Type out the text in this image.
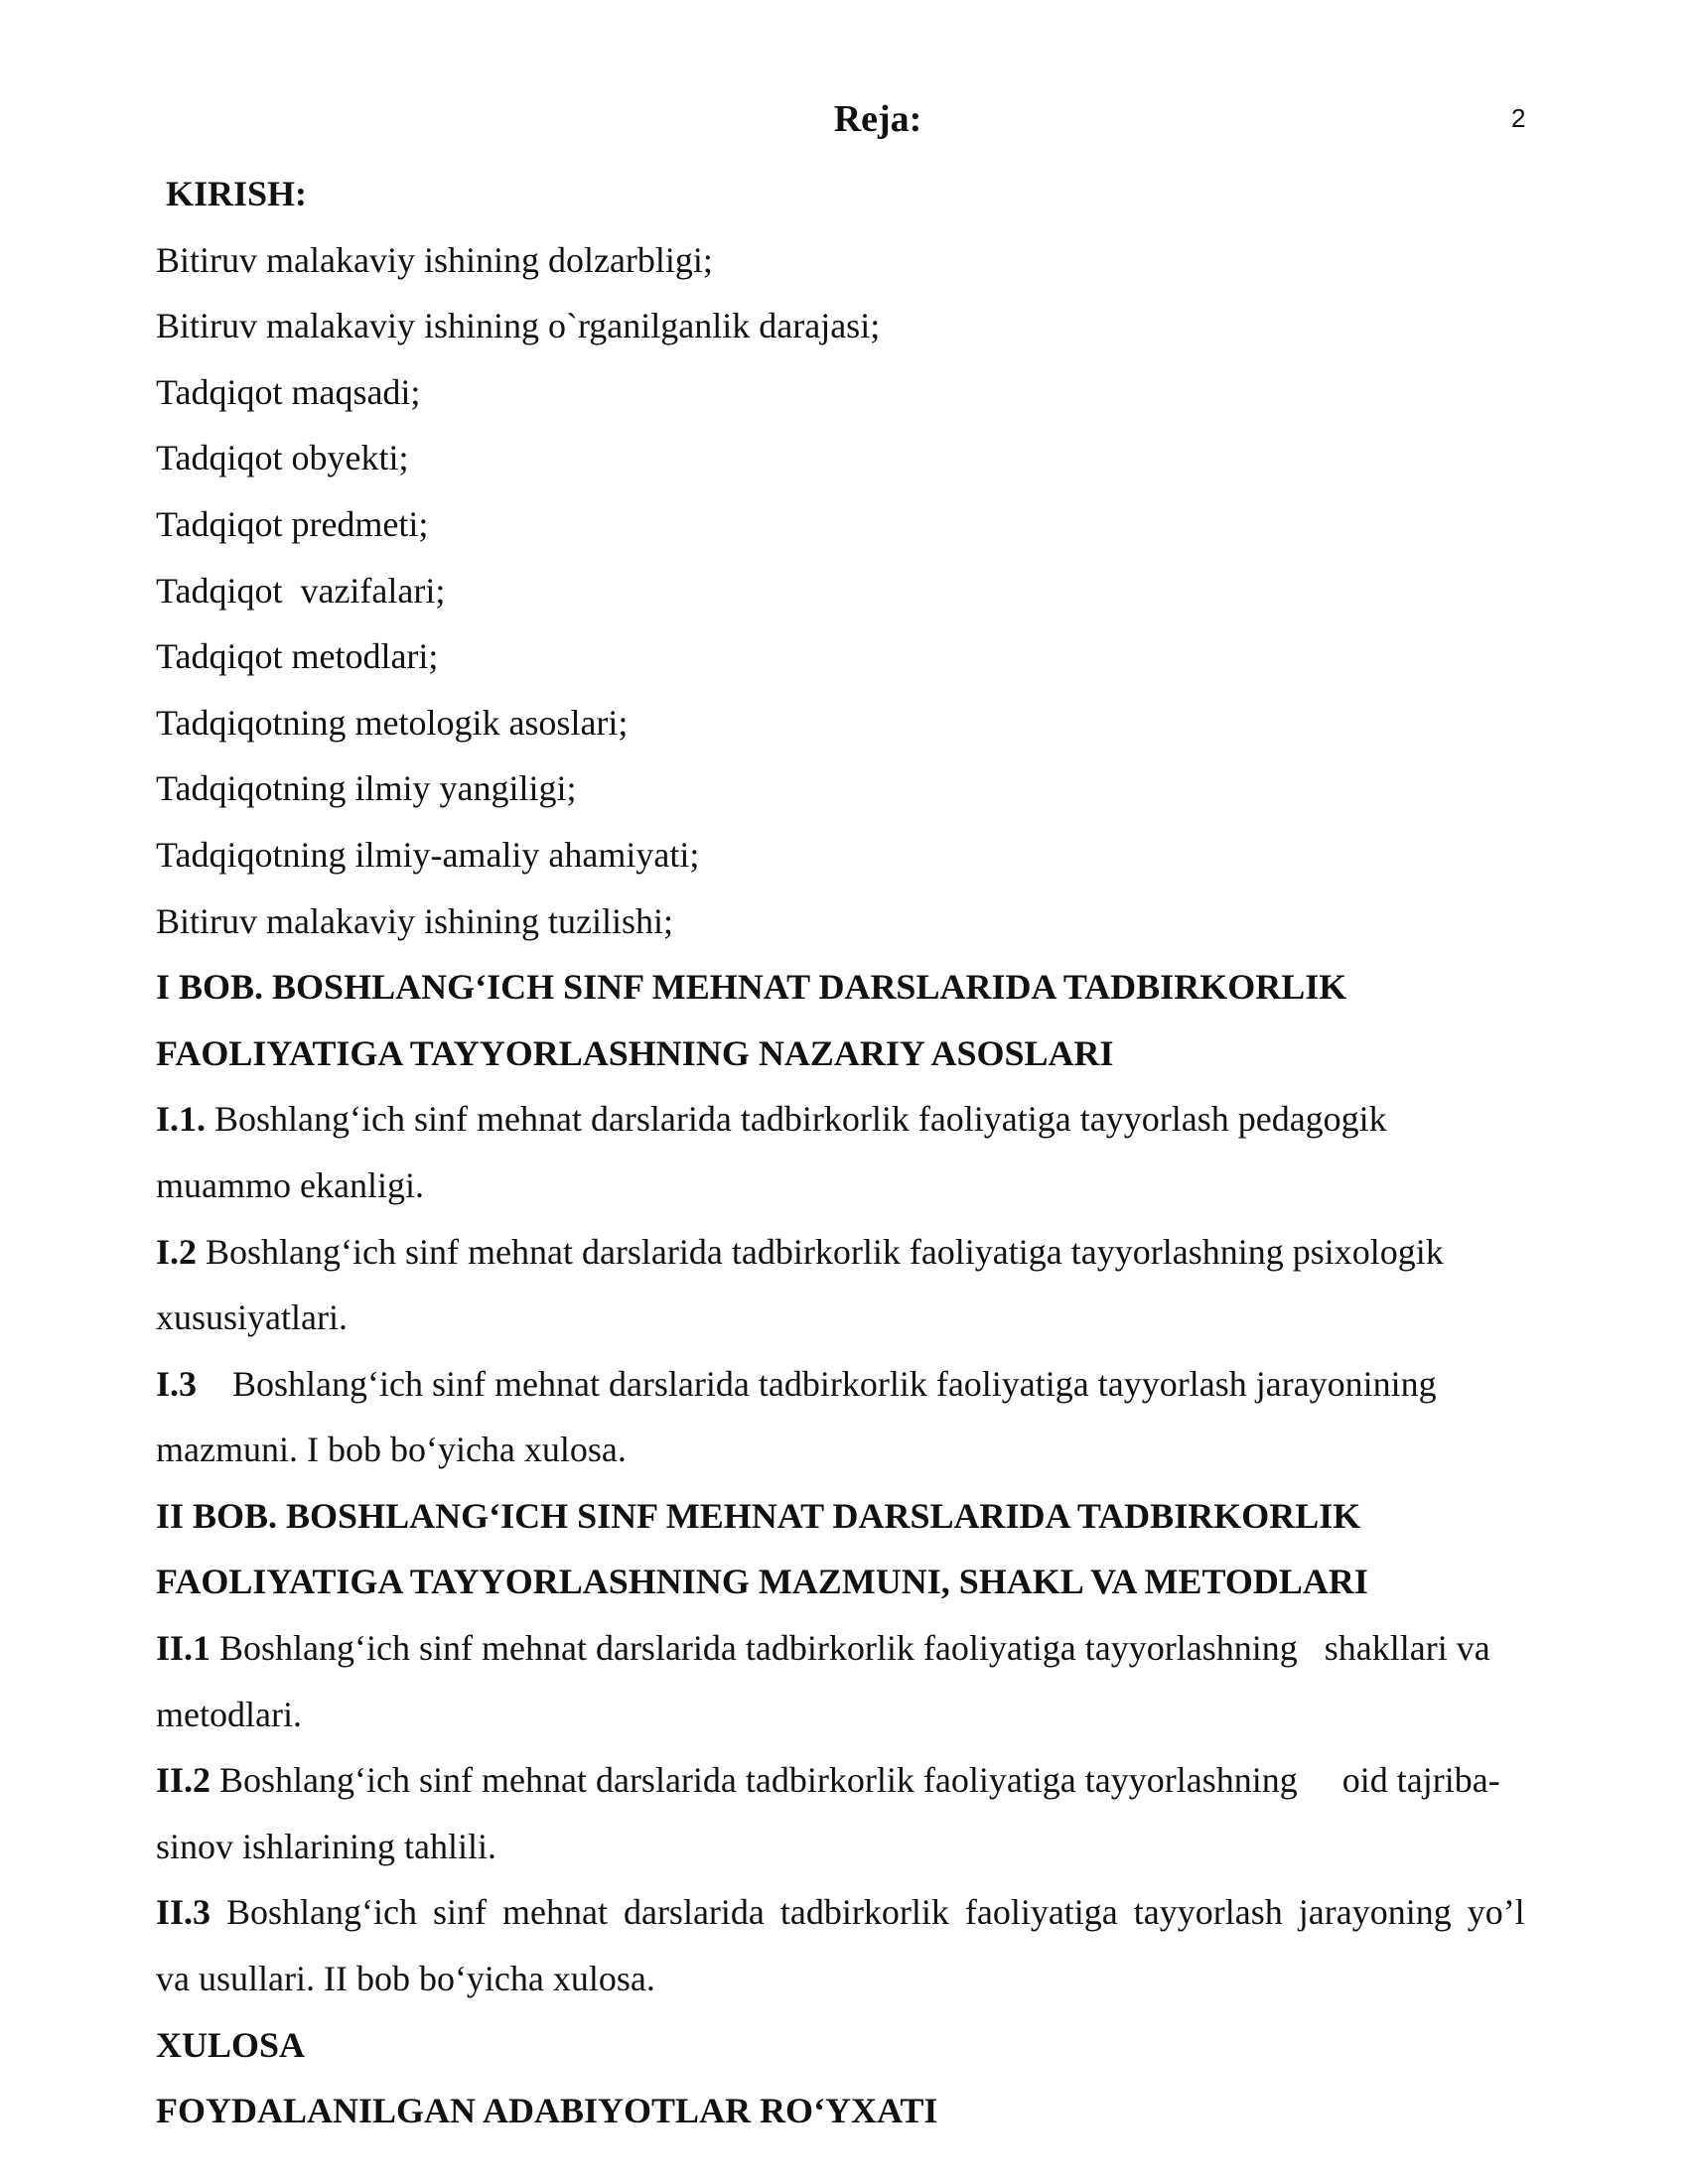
2
Reja:

KIRISH:

Bitiruv malakaviy ishining dolzarbligi;

Bitiruv malakaviy ishining o`rganilganlik darajasi;

Tadqiqot maqsadi;

Tadqiqot obyekti;

Tadqiqot predmeti;

Tadqiqot  vazifalari;

Tadqiqot metodlari;

Tadqiqotning metologik asoslari;

Tadqiqotning ilmiy yangiligi;

Tadqiqotning ilmiy-amaliy ahamiyati;

Bitiruv malakaviy ishining tuzilishi;

I BOB. BOSHLANG‘ICH SINF MEHNAT DARSLARIDA TADBIRKORLIK

FAOLIYATIGA TAYYORLASHNING NAZARIY ASOSLARI

I.1. Boshlang‘ich sinf mehnat darslarida tadbirkorlik faoliyatiga tayyorlash pedagogik
muammo ekanligi.
I.2 Boshlang‘ich sinf mehnat darslarida tadbirkorlik faoliyatiga tayyorlashning psixologik
xususiyatlari.
I.3 Boshlang‘ich sinf mehnat darslarida tadbirkorlik faoliyatiga tayyorlash jarayonining
mazmuni. I bob bo‘yicha xulosa.

II BOB. BOSHLANG‘ICH SINF MEHNAT DARSLARIDA TADBIRKORLIK

FAOLIYATIGA TAYYORLASHNING MAZMUNI, SHAKL VA METODLARI

II.1 Boshlang‘ich sinf mehnat darslarida tadbirkorlik faoliyatiga tayyorlashning   shakllari va
metodlari.
II.2 Boshlang‘ich sinf mehnat darslarida tadbirkorlik faoliyatiga tayyorlashning     oid tajriba-
sinov ishlarining tahlili.
II.3 Boshlang‘ich sinf mehnat darslarida tadbirkorlik faoliyatiga tayyorlash jarayoning yo’l
va usullari. II bob bo‘yicha xulosa.

XULOSA

FOYDALANILGAN ADABIYOTLAR RO‘YXATI
